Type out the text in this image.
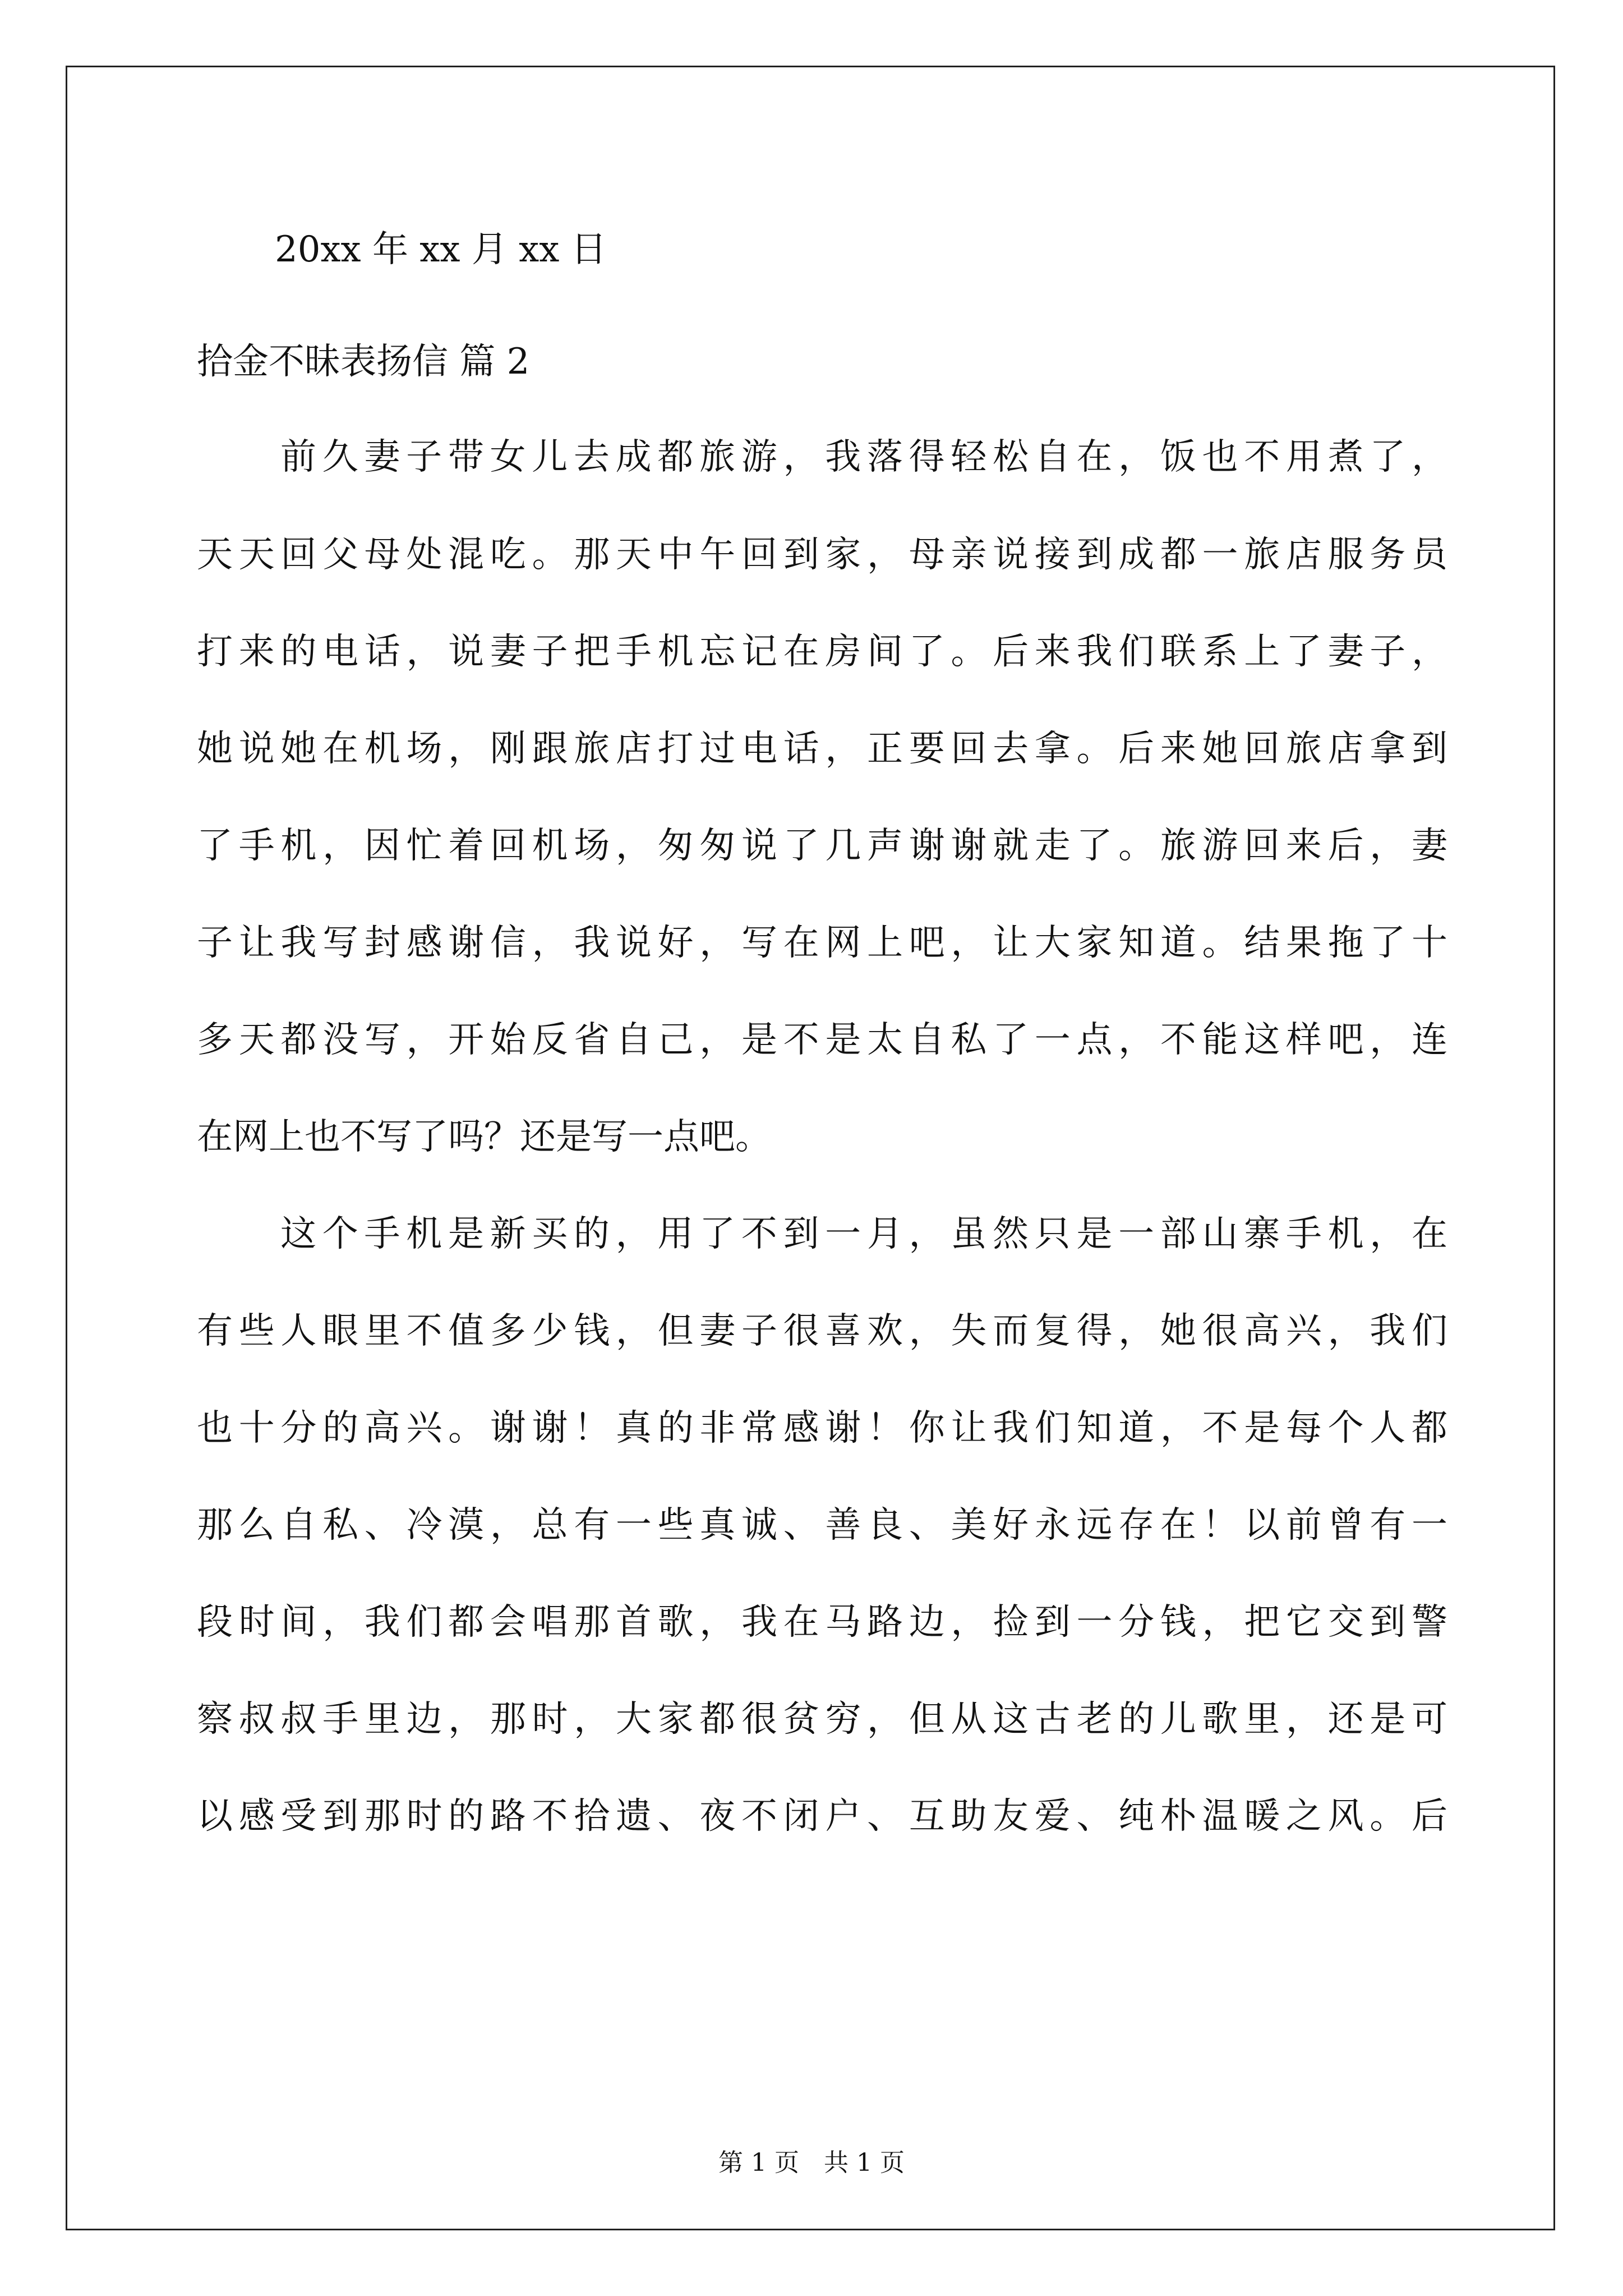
20xx 年 xx 月 xx 日
拾金不昧表扬信 篇 2
前久妻子带女儿去成都旅游，我落得轻松自在，饭也不用煮了，
天天回父母处混吃。那天中午回到家，母亲说接到成都一旅店服务员
打来的电话，说妻子把手机忘记在房间了。后来我们联系上了妻子，
她说她在机场，刚跟旅店打过电话，正要回去拿。后来她回旅店拿到
了手机，因忙着回机场，匆匆说了几声谢谢就走了。旅游回来后，妻
子让我写封感谢信，我说好，写在网上吧，让大家知道。结果拖了十
多天都没写，开始反省自己，是不是太自私了一点，不能这样吧，连
在网上也不写了吗？还是写一点吧。
这个手机是新买的，用了不到一月，虽然只是一部山寨手机，在
有些人眼里不值多少钱，但妻子很喜欢，失而复得，她很高兴，我们
也十分的高兴。谢谢！真的非常感谢！你让我们知道，不是每个人都
那么自私、冷漠，总有一些真诚、善良、美好永远存在！以前曾有一
段时间，我们都会唱那首歌，我在马路边，捡到一分钱，把它交到警
察叔叔手里边，那时，大家都很贫穷，但从这古老的儿歌里，还是可
以感受到那时的路不拾遗、夜不闭户、互助友爱、纯朴温暖之风。后
第 1 页　共 1 页
